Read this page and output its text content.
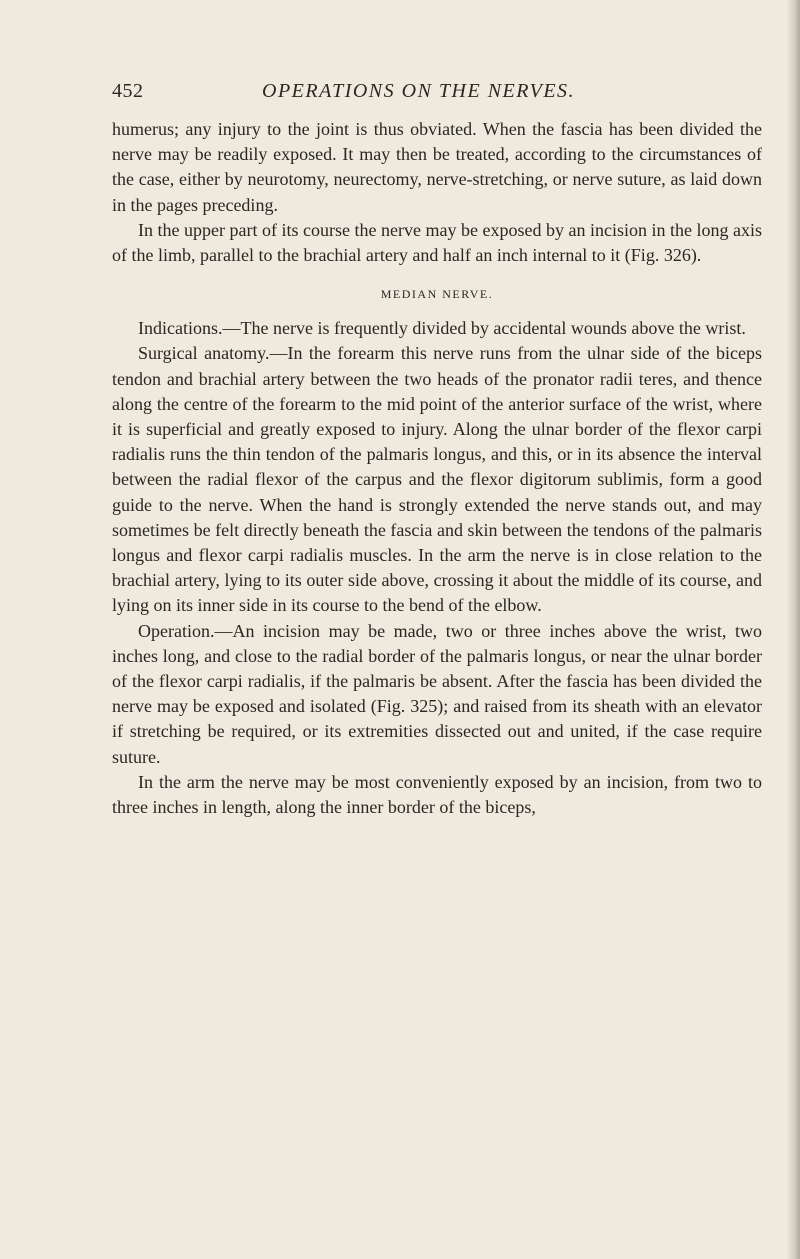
452	OPERATIONS ON THE NERVES.

humerus; any injury to the joint is thus obviated. When the fascia has been divided the nerve may be readily exposed. It may then be treated, according to the circumstances of the case, either by neurotomy, neurectomy, nerve-stretching, or nerve suture, as laid down in the pages preceding.

In the upper part of its course the nerve may be exposed by an incision in the long axis of the limb, parallel to the brachial artery and half an inch internal to it (Fig. 326).

MEDIAN NERVE.

Indications.—The nerve is frequently divided by accidental wounds above the wrist.

Surgical anatomy.—In the forearm this nerve runs from the ulnar side of the biceps tendon and brachial artery between the two heads of the pronator radii teres, and thence along the centre of the forearm to the mid point of the anterior surface of the wrist, where it is superficial and greatly exposed to injury. Along the ulnar border of the flexor carpi radialis runs the thin tendon of the palmaris longus, and this, or in its absence the interval between the radial flexor of the carpus and the flexor digitorum sublimis, form a good guide to the nerve. When the hand is strongly extended the nerve stands out, and may sometimes be felt directly beneath the fascia and skin between the tendons of the palmaris longus and flexor carpi radialis muscles. In the arm the nerve is in close relation to the brachial artery, lying to its outer side above, crossing it about the middle of its course, and lying on its inner side in its course to the bend of the elbow.

Operation.—An incision may be made, two or three inches above the wrist, two inches long, and close to the radial border of the palmaris longus, or near the ulnar border of the flexor carpi radialis, if the palmaris be absent. After the fascia has been divided the nerve may be exposed and isolated (Fig. 325); and raised from its sheath with an elevator if stretching be required, or its extremities dissected out and united, if the case require suture.

In the arm the nerve may be most conveniently exposed by an incision, from two to three inches in length, along the inner border of the biceps,
